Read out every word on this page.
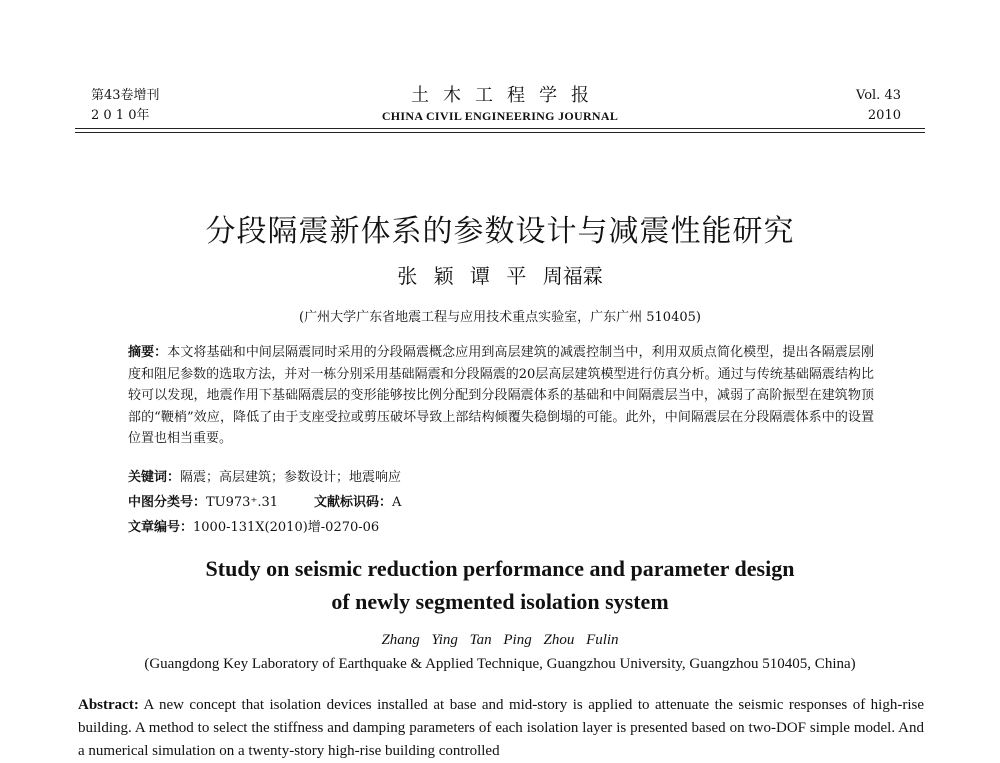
第43卷增刊
2 0 1 0年
土木工程学报
CHINA CIVIL ENGINEERING JOURNAL
Vol. 43
2010
分段隔震新体系的参数设计与减震性能研究
张 颖 谭 平 周福霖
(广州大学广东省地震工程与应用技术重点实验室，广东广州 510405)
摘要：本文将基础和中间层隔震同时采用的分段隔震概念应用到高层建筑的减震控制当中，利用双质点简化模型，提出各隔震层刚度和阻尼参数的选取方法，并对一栋分别采用基础隔震和分段隔震的20层高层建筑模型进行仿真分析。通过与传统基础隔震结构比较可以发现，地震作用下基础隔震层的变形能够按比例分配到分段隔震体系的基础和中间隔震层当中，减弱了高阶振型在建筑物顶部的“鞭梢”效应，降低了由于支座受拉或剪压破坏导致上部结构倾覆失稳倒塌的可能。此外，中间隔震层在分段隔震体系中的设置位置也相当重要。
关键词：隔震；高层建筑；参数设计；地震响应
中图分类号：TU973⁺.31	文献标识码：A
文章编号：1000-131X(2010)增-0270-06
Study on seismic reduction performance and parameter design
of newly segmented isolation system
Zhang Ying Tan Ping Zhou Fulin
(Guangdong Key Laboratory of Earthquake & Applied Technique, Guangzhou University, Guangzhou 510405, China)
Abstract: A new concept that isolation devices installed at base and mid-story is applied to attenuate the seismic responses of high-rise building. A method to select the stiffness and damping parameters of each isolation layer is presented based on two-DOF simple model. And a numerical simulation on a twenty-story high-rise building controlled
